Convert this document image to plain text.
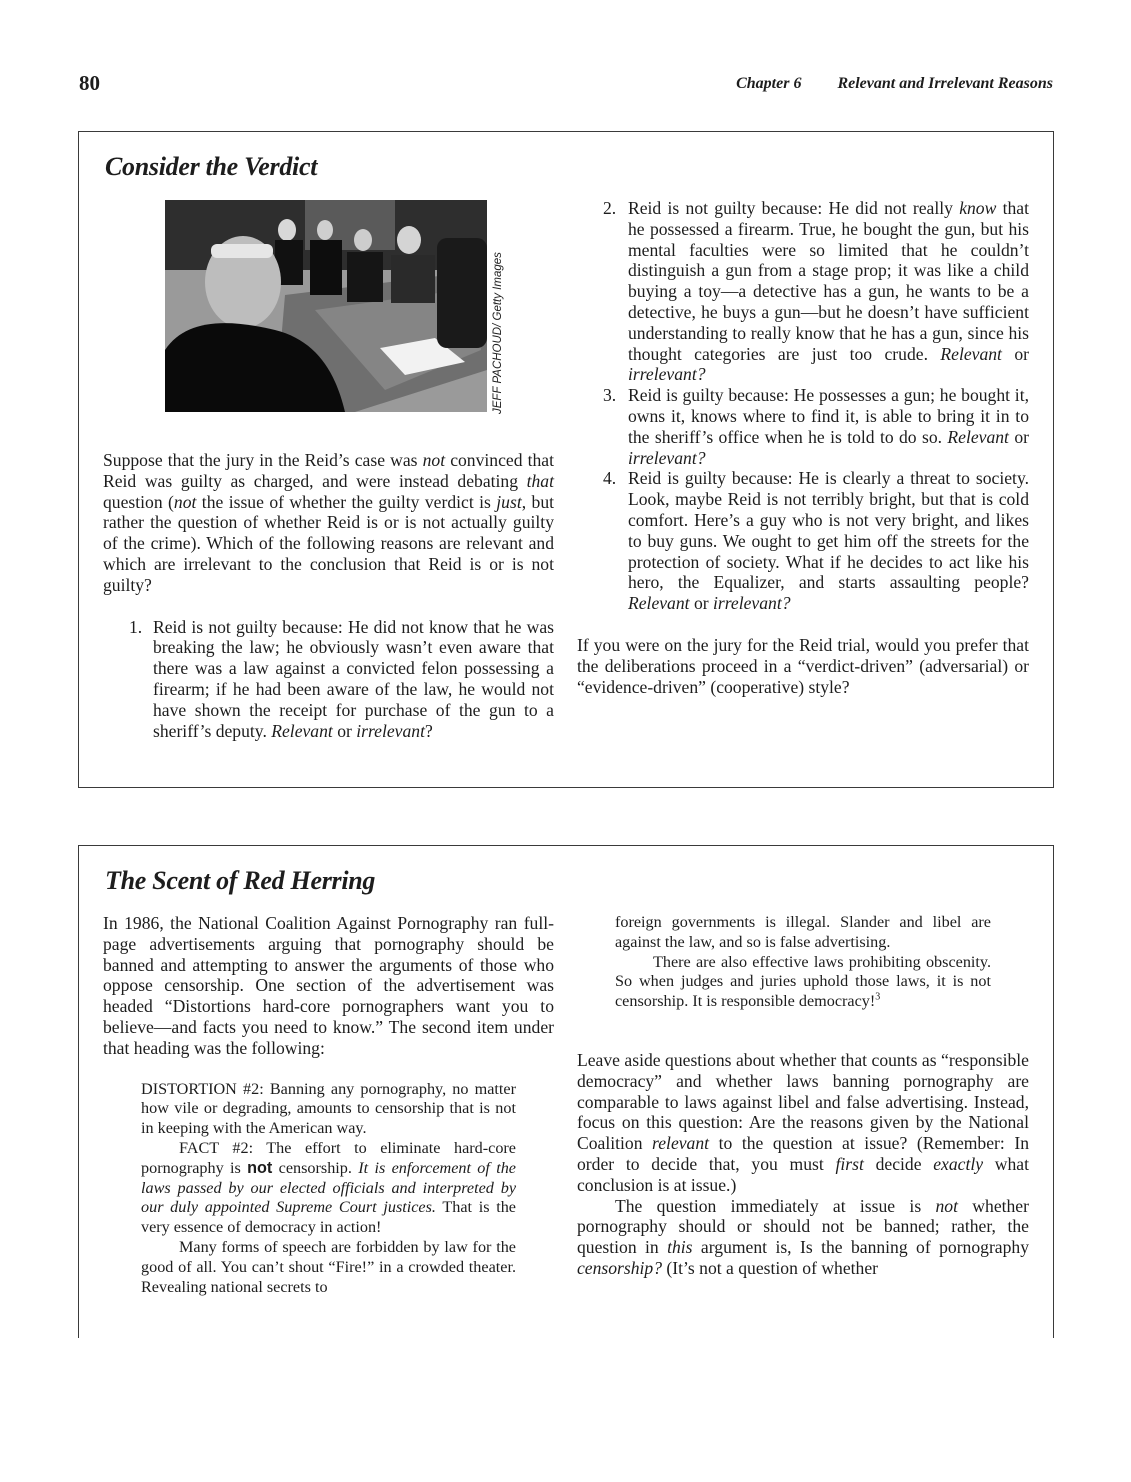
80	Chapter 6 Relevant and Irrelevant Reasons
Consider the Verdict
JEFF PACHOUD/ Getty Images

Suppose that the jury in the Reid’s case was not convinced that Reid was guilty as charged, and were instead debating that question (not the issue of whether the guilty verdict is just, but rather the question of whether Reid is or is not actually guilty of the crime). Which of the following reasons are relevant and which are irrelevant to the conclusion that Reid is or is not guilty?

1. Reid is not guilty because: He did not know that he was breaking the law; he obviously wasn’t even aware that there was a law against a convicted felon possessing a firearm; if he had been aware of the law, he would not have shown the receipt for purchase of the gun to a sheriff’s deputy. Relevant or irrelevant?
2. Reid is not guilty because: He did not really know that he possessed a firearm. True, he bought the gun, but his mental faculties were so limited that he couldn’t distinguish a gun from a stage prop; it was like a child buying a toy—a detective has a gun, he wants to be a detective, he buys a gun—but he doesn’t have sufficient understanding to really know that he has a gun, since his thought categories are just too crude. Relevant or irrelevant?
3. Reid is guilty because: He possesses a gun; he bought it, owns it, knows where to find it, is able to bring it in to the sheriff’s office when he is told to do so. Relevant or irrelevant?
4. Reid is guilty because: He is clearly a threat to society. Look, maybe Reid is not terribly bright, but that is cold comfort. Here’s a guy who is not very bright, and likes to buy guns. We ought to get him off the streets for the protection of society. What if he decides to act like his hero, the Equalizer, and starts assaulting people? Relevant or irrelevant?

If you were on the jury for the Reid trial, would you prefer that the deliberations proceed in a “verdict-driven” (adversarial) or “evidence-driven” (cooperative) style?

The Scent of Red Herring

In 1986, the National Coalition Against Pornography ran full-page advertisements arguing that pornography should be banned and attempting to answer the arguments of those who oppose censorship. One section of the advertisement was headed “Distortions hard-core pornographers want you to believe—and facts you need to know.” The second item under that heading was the following:

DISTORTION #2: Banning any pornography, no matter how vile or degrading, amounts to censorship that is not in keeping with the American way.

FACT #2: The effort to eliminate hard-core pornography is not censorship. It is enforcement of the laws passed by our elected officials and interpreted by our duly appointed Supreme Court justices. That is the very essence of democracy in action!

Many forms of speech are forbidden by law for the good of all. You can’t shout “Fire!” in a crowded theater. Revealing national secrets to

foreign governments is illegal. Slander and libel are against the law, and so is false advertising.

There are also effective laws prohibiting obscenity. So when judges and juries uphold those laws, it is not censorship. It is responsible democracy!$^3$

Leave aside questions about whether that counts as “responsible democracy” and whether laws banning pornography are comparable to laws against libel and false advertising. Instead, focus on this question: Are the reasons given by the National Coalition relevant to the question at issue? (Remember: In order to decide that, you must first decide exactly what conclusion is at issue.)

The question immediately at issue is not whether pornography should or should not be banned; rather, the question in this argument is, Is the banning of pornography censorship? (It’s not a question of whether
